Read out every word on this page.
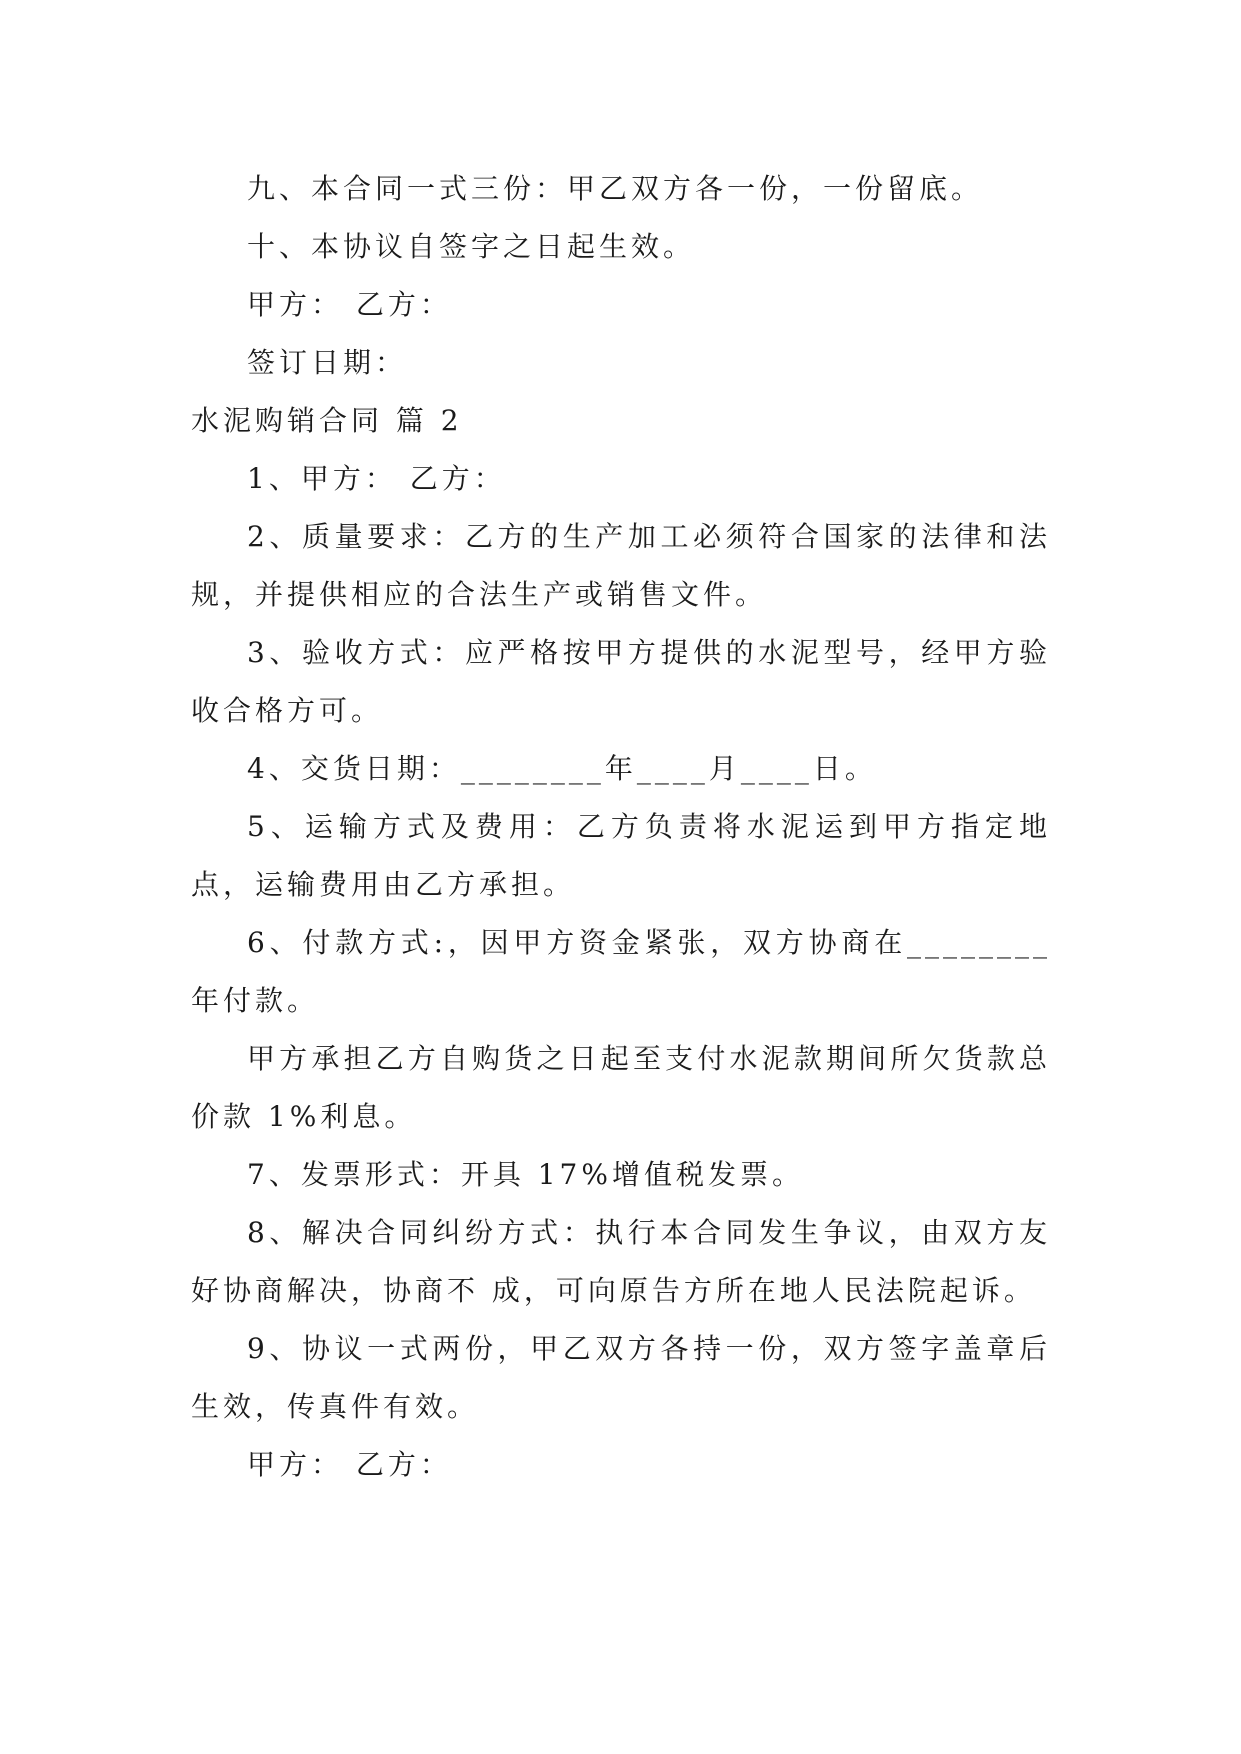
九、本合同一式三份：甲乙双方各一份，一份留底。

十、本协议自签字之日起生效。

甲方： 乙方：

签订日期：

水泥购销合同 篇 2

1、甲方： 乙方：

2、质量要求：乙方的生产加工必须符合国家的法律和法规，并提供相应的合法生产或销售文件。

3、验收方式：应严格按甲方提供的水泥型号，经甲方验收合格方可。

4、交货日期：________年____月____日。

5、运输方式及费用：乙方负责将水泥运到甲方指定地点，运输费用由乙方承担。

6、付款方式:，因甲方资金紧张，双方协商在________年付款。

甲方承担乙方自购货之日起至支付水泥款期间所欠货款总价款 1%利息。

7、发票形式：开具 17%增值税发票。

8、解决合同纠纷方式：执行本合同发生争议，由双方友好协商解决，协商不 成，可向原告方所在地人民法院起诉。

9、协议一式两份，甲乙双方各持一份，双方签字盖章后生效，传真件有效。

甲方： 乙方：
